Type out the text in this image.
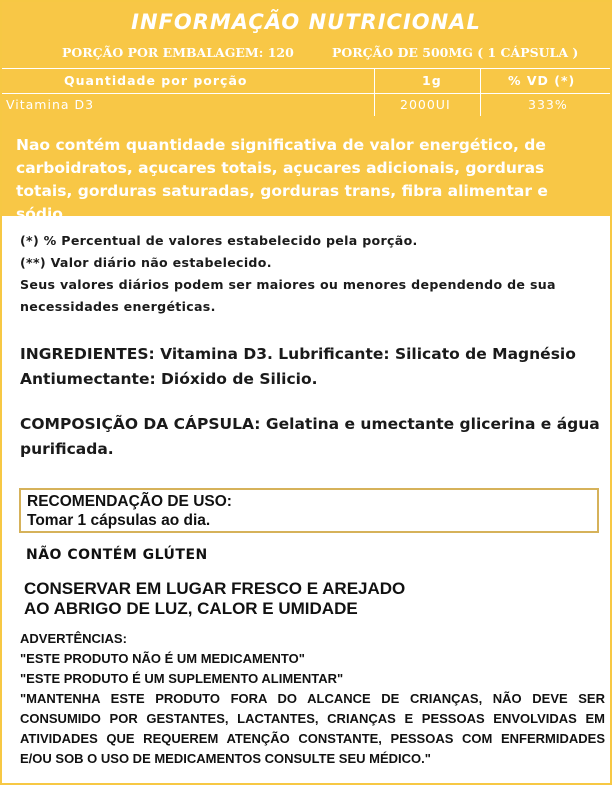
INFORMAÇÃO NUTRICIONAL
PORÇÃO POR EMBALAGEM: 120	PORÇÃO DE 500MG ( 1 CÁPSULA )
Quantidade por porção	1g	% VD (*)
Vitamina D3	2000UI	333%
Nao contém quantidade significativa de valor energético, de carboidratos, açucares totais, açucares adicionais, gorduras totais, gorduras saturadas, gorduras trans, fibra alimentar e sódio.
(*) % Percentual de valores estabelecido pela porção.
(**) Valor diário não estabelecido.
Seus valores diários podem ser maiores ou menores dependendo de sua necessidades energéticas.
INGREDIENTES: Vitamina D3. Lubrificante: Silicato de Magnésio Antiumectante: Dióxido de Silicio.
COMPOSIÇÃO DA CÁPSULA: Gelatina e umectante glicerina e água purificada.
RECOMENDAÇÃO DE USO:
Tomar 1 cápsulas ao dia.
NÃO CONTÉM GLÚTEN
CONSERVAR EM LUGAR FRESCO E AREJADO
AO ABRIGO DE LUZ, CALOR E UMIDADE
ADVERTÊNCIAS:
"ESTE PRODUTO NÃO É UM MEDICAMENTO"
"ESTE PRODUTO É UM SUPLEMENTO ALIMENTAR"
"MANTENHA ESTE PRODUTO FORA DO ALCANCE DE CRIANÇAS, NÃO DEVE SER CONSUMIDO POR GESTANTES, LACTANTES, CRIANÇAS E PESSOAS ENVOLVIDAS EM ATIVIDADES QUE REQUEREM ATENÇÃO CONSTANTE, PESSOAS COM ENFERMIDADES E/OU SOB O USO DE MEDICAMENTOS CONSULTE SEU MÉDICO."
